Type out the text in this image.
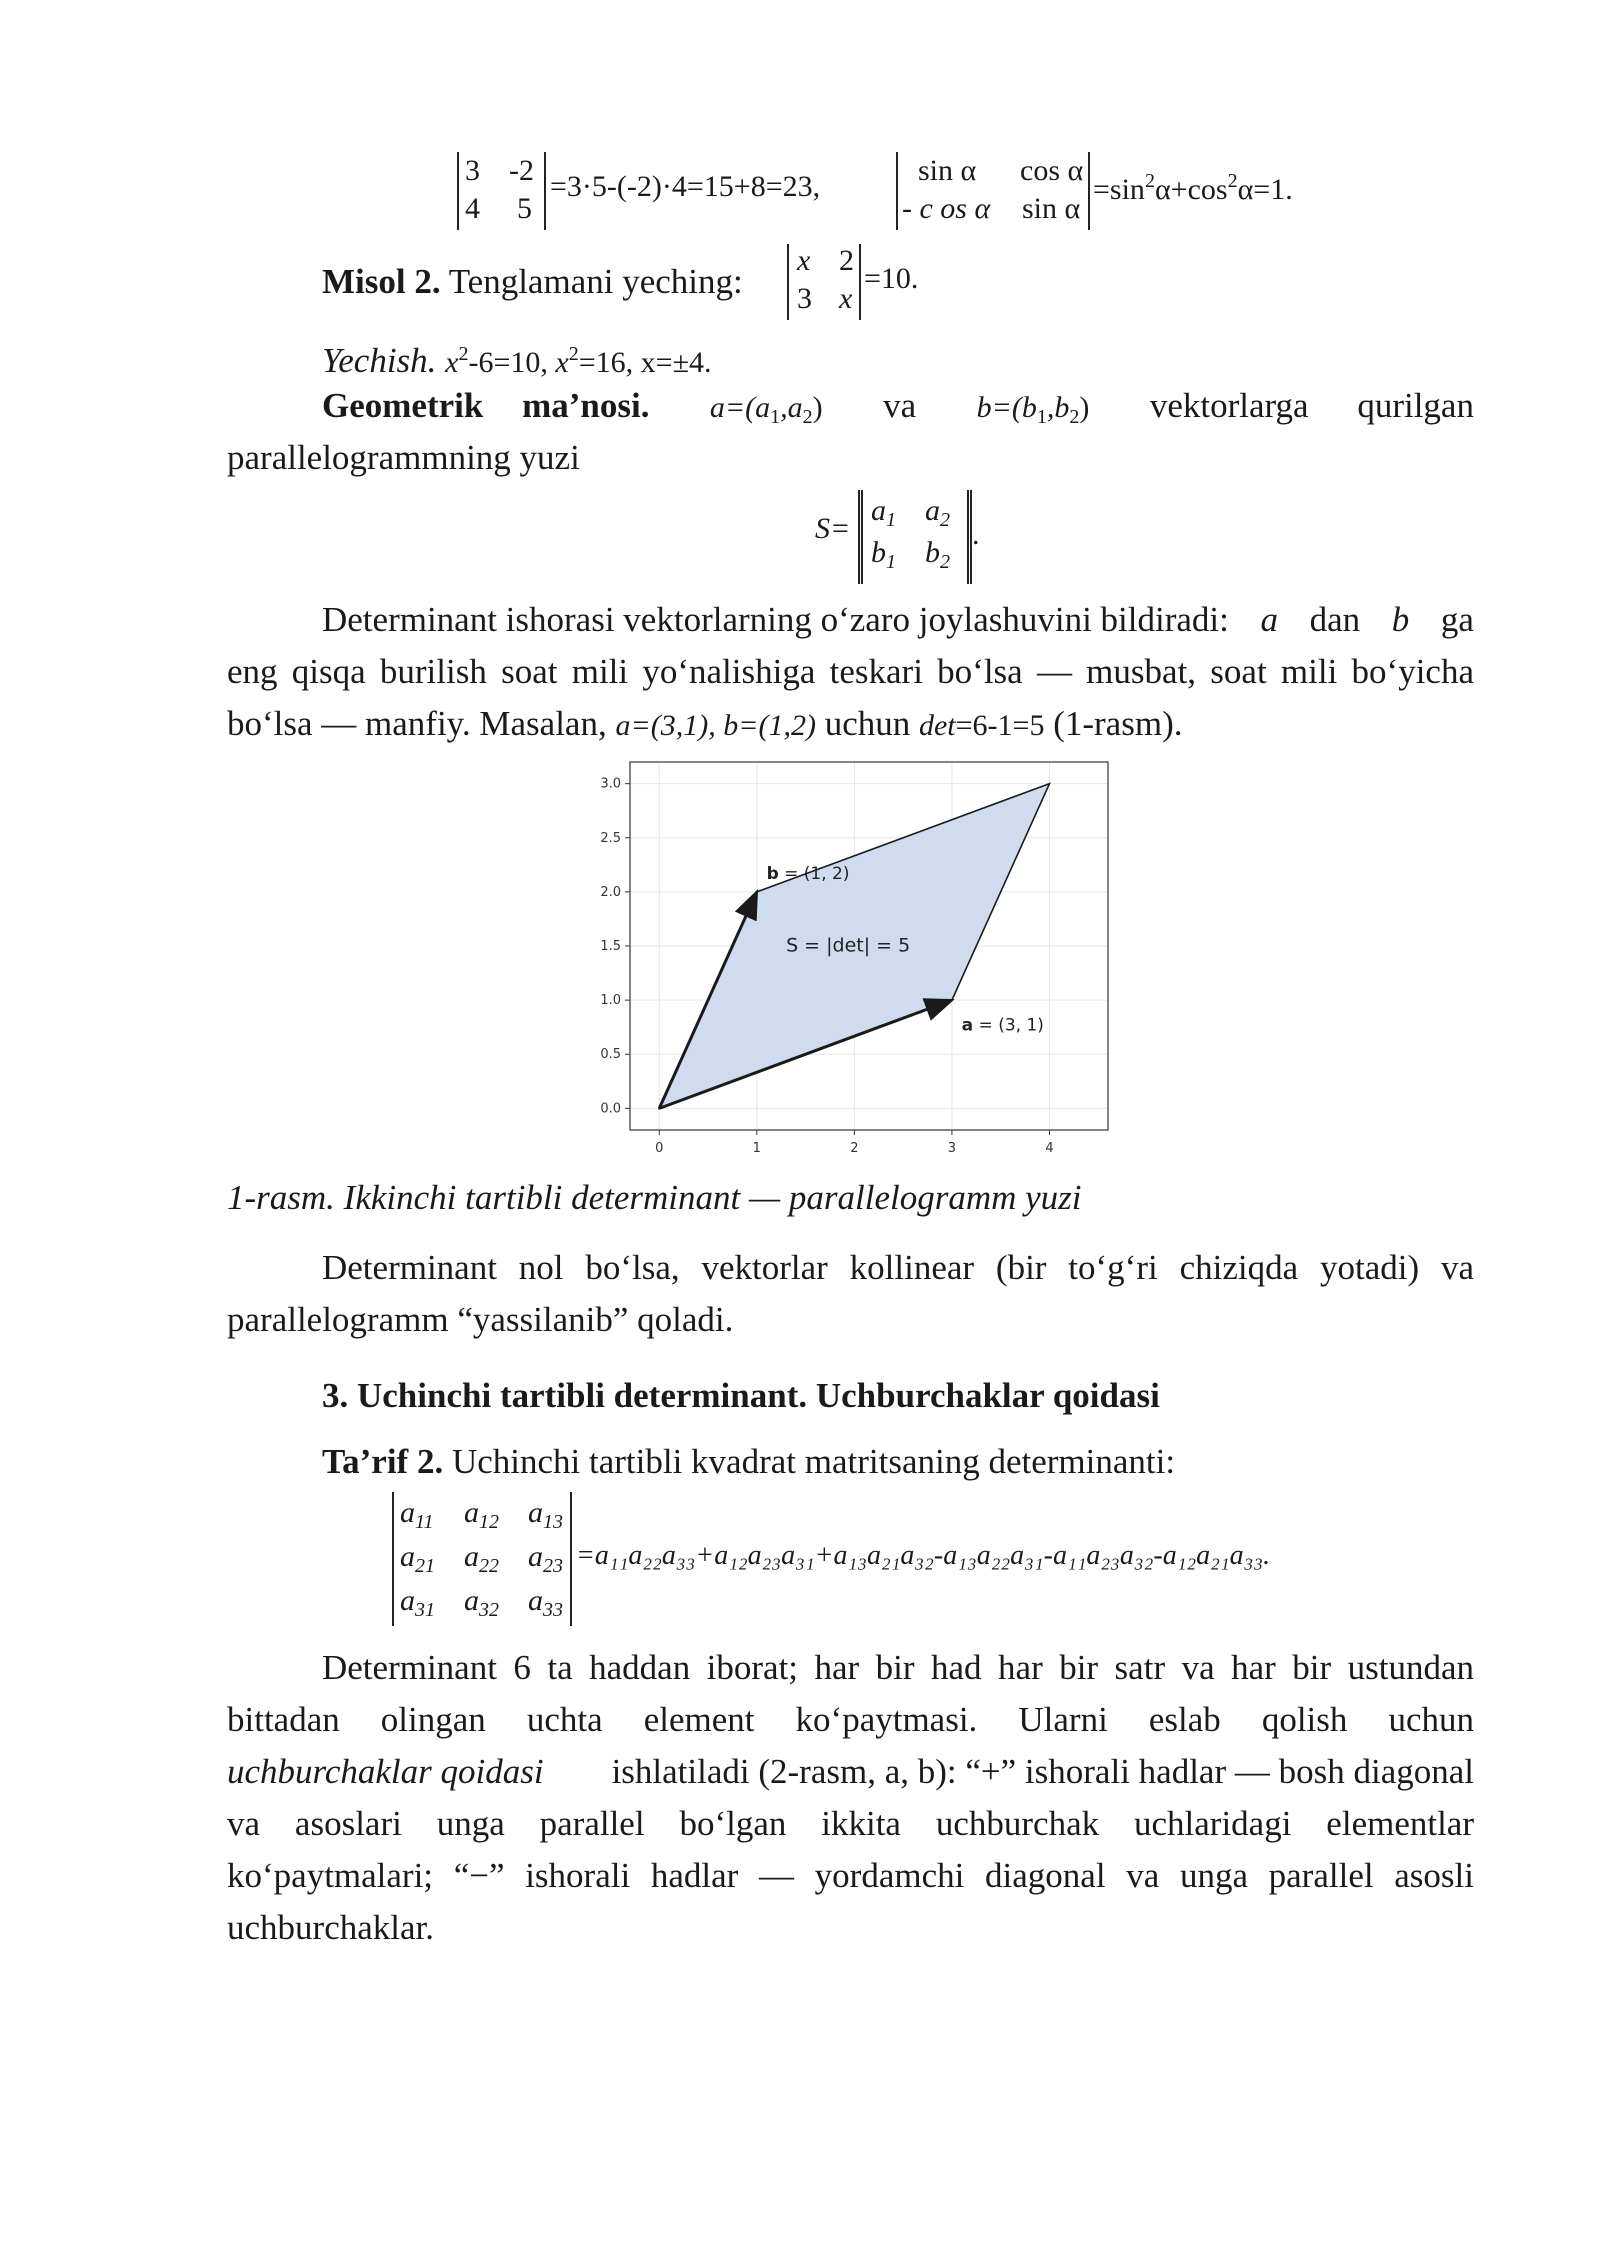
3 -2
4 5
=3·5-(-2)·4=15+8=23,	sin α cos α
- c os α sin α
$=\sin^2\alpha+\cos^2\alpha=1$.
Misol 2. Tenglamani yeching:
x 2
3 x
=10.
Yechish. $x^2-6=10$, $x^2=16$, x=±4.
Geometrik ma’nosi. $a=(a_1,a_2)$ va $b=(b_1,b_2)$ vektorlarga qurilgan
parallelogrammning yuzi
S=
$a_1$ $a_2$
$b_1$ $b_2$
.
Determinant ishorasi vektorlarning o‘zaro joylashuvini bildiradi: a dan b ga
eng qisqa burilish soat mili yo‘nalishiga teskari bo‘lsa — musbat, soat mili bo‘yicha
bo‘lsa — manfiy. Masalan, a=(3,1), b=(1,2) uchun det=6-1=5 (1-rasm).
b = (1, 2)
a = (3, 1)
S = |det| = 5
0	1	2	3	4
0.0
0.5
1.0
1.5
2.0
2.5
3.0
1-rasm. Ikkinchi tartibli determinant — parallelogramm yuzi
Determinant nol bo‘lsa, vektorlar kollinear (bir to‘g‘ri chiziqda yotadi) va
parallelogramm “yassilanib” qoladi.
3. Uchinchi tartibli determinant. Uchburchaklar qoidasi
Ta’rif 2. Uchinchi tartibli kvadrat matritsaning determinanti:
$a_{11}$ $a_{12}$ $a_{13}$
$a_{21}$ $a_{22}$ $a_{23}$
$a_{31}$ $a_{32}$ $a_{33}$
=a₁₁a₂₂a₃₃+a₁₂a₂₃a₃₁+a₁₃a₂₁a₃₂-a₁₃a₂₂a₃₁-a₁₁a₂₃a₃₂-a₁₂a₂₁a₃₃.
Determinant 6 ta haddan iborat; har bir had har bir satr va har bir ustundan
bittadan olingan uchta element ko‘paytmasi. Ularni eslab qolish uchun
uchburchaklar qoidasi ishlatiladi (2-rasm, a, b): “+” ishorali hadlar — bosh diagonal
va asoslari unga parallel bo‘lgan ikkita uchburchak uchlaridagi elementlar
ko‘paytmalari; “−” ishorali hadlar — yordamchi diagonal va unga parallel asosli
uchburchaklar.
